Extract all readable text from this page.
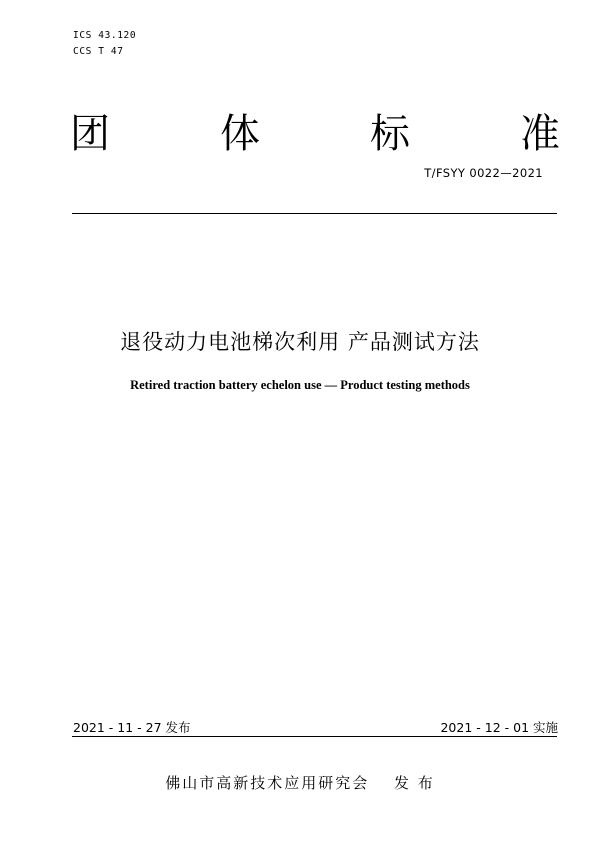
ICS 43.120
CCS T 47
团	体	标	准
T/FSYY 0022—2021
退役动力电池梯次利用 产品测试方法
Retired traction battery echelon use — Product testing methods
2021 - 11 - 27 发布	2021 - 12 - 01 实施
佛山市高新技术应用研究会 发 布
